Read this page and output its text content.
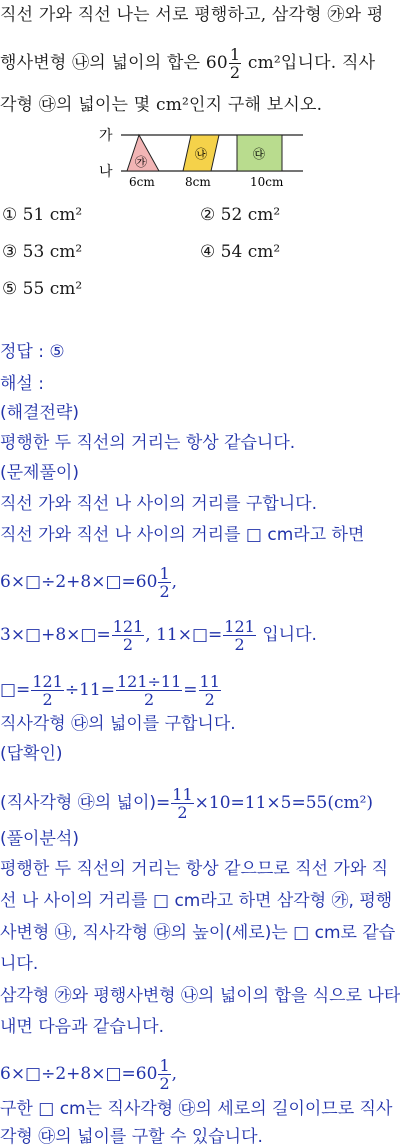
직선 가와 직선 나는 서로 평행하고, 삼각형 ㉮와 평
행사변형 ㉯의 넓이의 합은 $60 \frac{1}{2} cm^2$입니다. 직사
각형 ㉰의 넓이는 몇 cm²인지 구해 보시오.
가
나
㉮
㉯	㉰
6cm	8cm	10cm
① 51 cm²	② 52 cm²
③ 53 cm²	④ 54 cm²
⑤ 55 cm²
정답 : ⑤
해설 :
(해결전략)
평행한 두 직선의 거리는 항상 같습니다.
(문제풀이)
직선 가와 직선 나 사이의 거리를 구합니다.
직선 가와 직선 나 사이의 거리를 □ cm라고 하면
6×□÷2+8×□=60 $\frac{1}{2}$ ,
3×□+8×□= $\frac{121}{2}$ , 11×□= $\frac{121}{2}$ 입니다.
□= $\frac{121}{2} \div 11= \frac{121\div 11}{2} = \frac{11}{2}$
직사각형 ㉰의 넓이를 구합니다.
(답확인)
(직사각형 ㉰의 넓이)= $\frac{11}{2} \times 10=11\times 5=55(cm^2)$
(풀이분석)
평행한 두 직선의 거리는 항상 같으므로 직선 가와 직
선 나 사이의 거리를 □ cm라고 하면 삼각형 ㉮, 평행
사변형 ㉯, 직사각형 ㉰의 높이(세로)는 □ cm로 같습
니다.
삼각형 ㉮와 평행사변형 ㉯의 넓이의 합을 식으로 나타
내면 다음과 같습니다.
6×□÷2+8×□=60 $\frac{1}{2}$ ,
구한 □ cm는 직사각형 ㉰의 세로의 길이이므로 직사
각형 ㉰의 넓이를 구할 수 있습니다.
